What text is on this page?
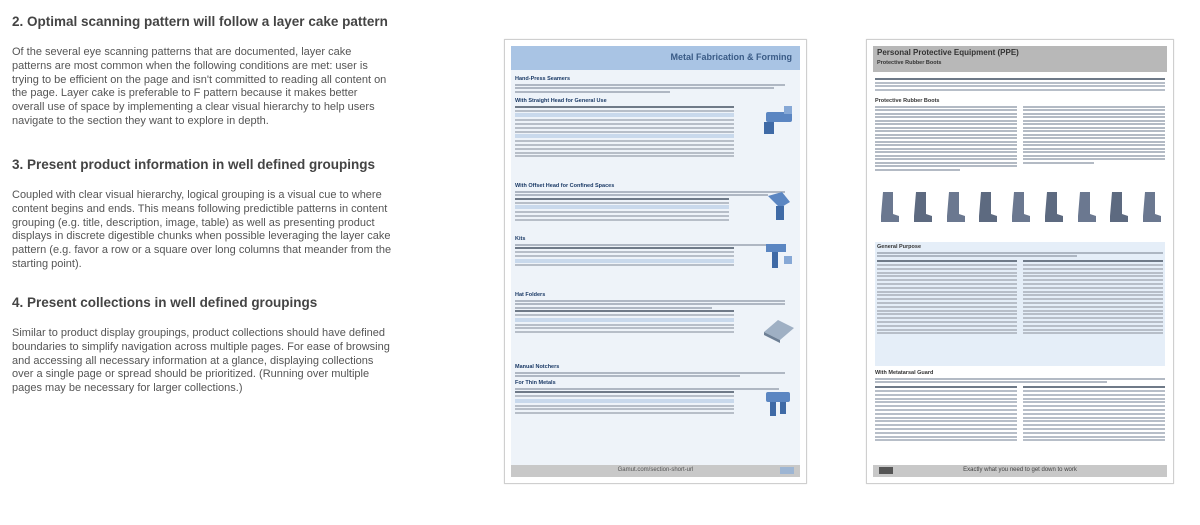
2. Optimal scanning pattern will follow a layer cake pattern

Of the several eye scanning patterns that are documented, layer cake patterns are most common when the following conditions are met: user is trying to be efficient on the page and isn't committed to reading all content on the page. Layer cake is preferable to F pattern because it makes better overall use of space by implementing a clear visual hierarchy to help users navigate to the section they want to explore in depth.

3. Present product information in well defined groupings

Coupled with clear visual hierarchy, logical grouping is a visual cue to where content begins and ends. This means following predictible patterns in content grouping (e.g. title, description, image, table) as well as presenting product displays in discrete digestible chunks when possible leveraging the layer cake pattern (e.g. favor a row or a square over long columns that meander from the starting point).

4. Present collections in well defined groupings

Similar to product display groupings, product collections should have defined boundaries to simplify navigation across multiple pages. For ease of browsing and accessing all necessary information at a glance, displaying collections over a single page or spread should be prioritized. (Running over multiple pages may be necessary for larger collections.)

Metal Fabrication & Forming
Hand-Press Seamers
With Straight Head for General Use
With Offset Head for Confined Spaces
Kits
Hat Folders
Manual Notchers
For Thin Metals
Gamut.com/section-short-url
Personal Protective Equipment (PPE)
Protective Rubber Boots
Protective Rubber Boots
General Purpose
With Metatarsal Guard
Exactly what you need to get down to work
